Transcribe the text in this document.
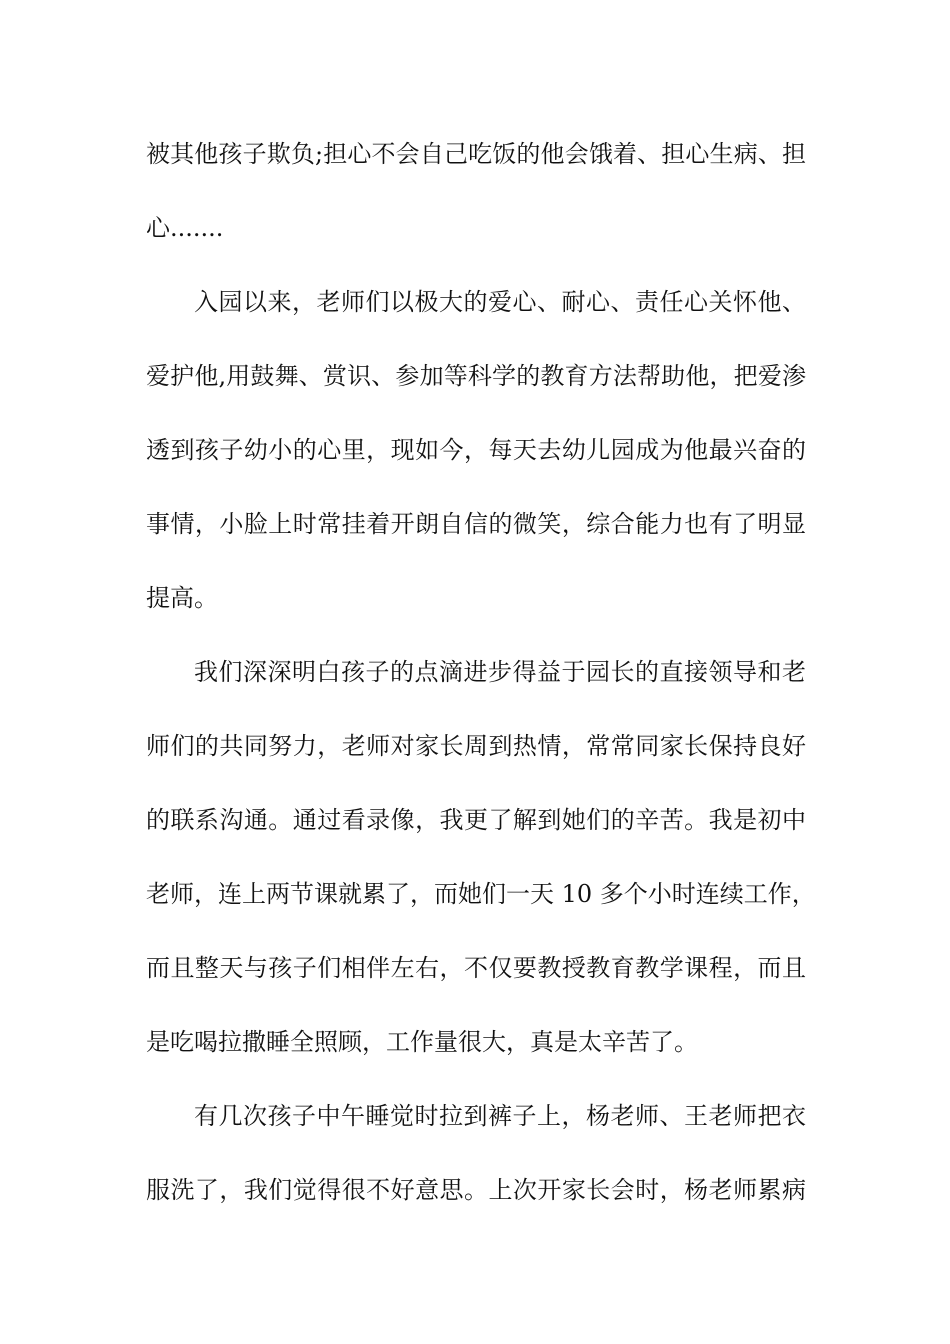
被其他孩子欺负;担心不会自己吃饭的他会饿着、担心生病、担
心.......
入园以来，老师们以极大的爱心、耐心、责任心关怀他、
爱护他,用鼓舞、赏识、参加等科学的教育方法帮助他，把爱渗
透到孩子幼小的心里，现如今，每天去幼儿园成为他最兴奋的
事情，小脸上时常挂着开朗自信的微笑，综合能力也有了明显
提高。
我们深深明白孩子的点滴进步得益于园长的直接领导和老
师们的共同努力，老师对家长周到热情，常常同家长保持良好
的联系沟通。通过看录像，我更了解到她们的辛苦。我是初中
老师，连上两节课就累了，而她们一天 10 多个小时连续工作，
而且整天与孩子们相伴左右，不仅要教授教育教学课程，而且
是吃喝拉撒睡全照顾，工作量很大，真是太辛苦了。
有几次孩子中午睡觉时拉到裤子上，杨老师、王老师把衣
服洗了，我们觉得很不好意思。上次开家长会时，杨老师累病
